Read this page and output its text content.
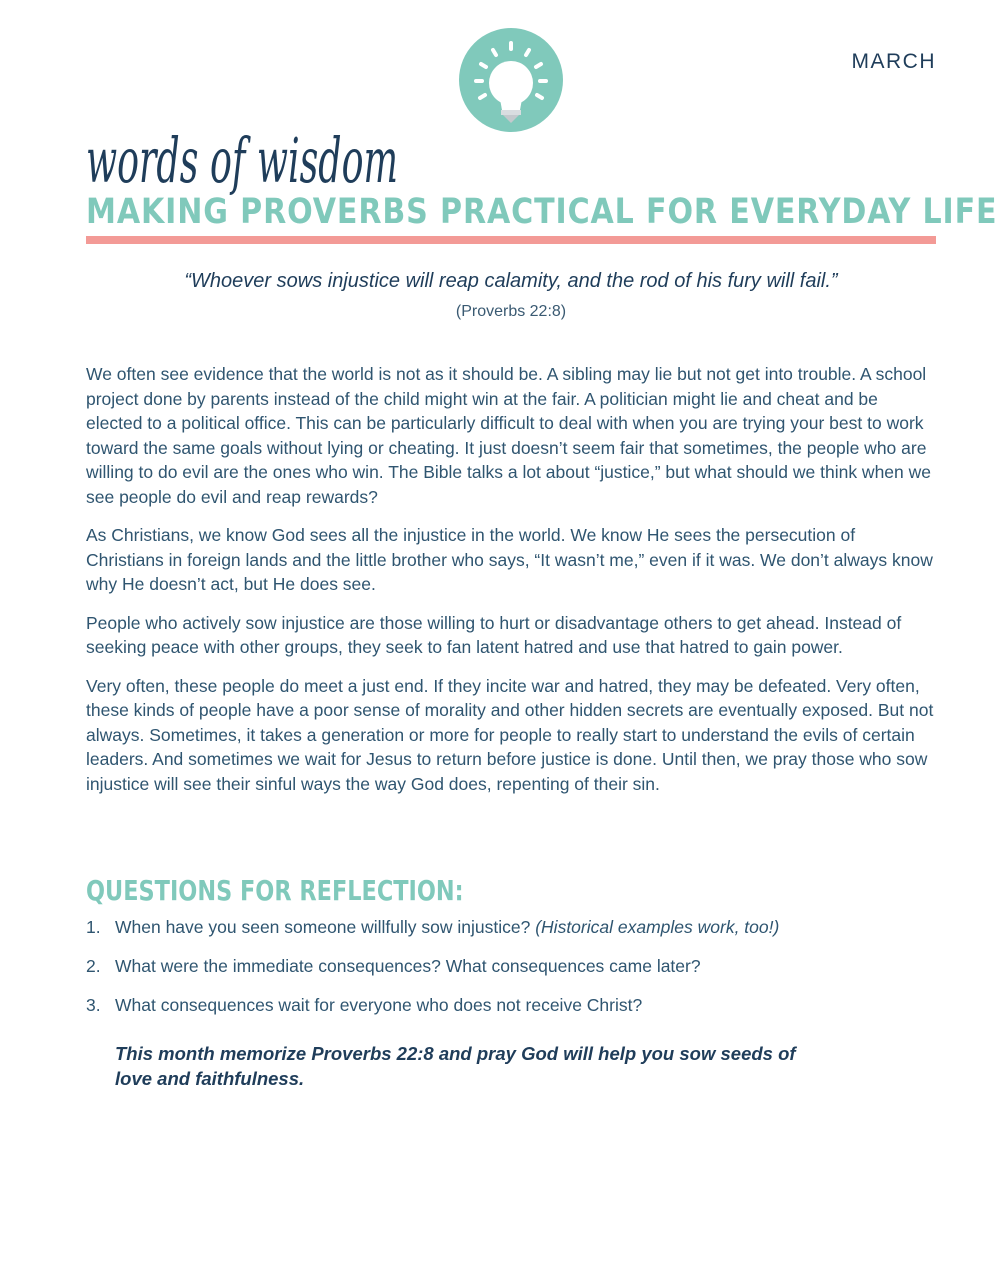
MARCH
words of wisdom
MAKING PROVERBS PRACTICAL FOR EVERYDAY LIFE
“Whoever sows injustice will reap calamity, and the rod of his fury will fail.”
(Proverbs 22:8)

We often see evidence that the world is not as it should be. A sibling may lie but not get into trouble. A school project done by parents instead of the child might win at the fair. A politician might lie and cheat and be elected to a political office. This can be particularly difficult to deal with when you are trying your best to work toward the same goals without lying or cheating. It just doesn’t seem fair that sometimes, the people who are willing to do evil are the ones who win. The Bible talks a lot about “justice,” but what should we think when we see people do evil and reap rewards?

As Christians, we know God sees all the injustice in the world. We know He sees the persecution of Christians in foreign lands and the little brother who says, “It wasn’t me,” even if it was. We don’t always know why He doesn’t act, but He does see.

People who actively sow injustice are those willing to hurt or disadvantage others to get ahead. Instead of seeking peace with other groups, they seek to fan latent hatred and use that hatred to gain power.

Very often, these people do meet a just end. If they incite war and hatred, they may be defeated. Very often, these kinds of people have a poor sense of morality and other hidden secrets are eventually exposed. But not always. Sometimes, it takes a generation or more for people to really start to understand the evils of certain leaders. And sometimes we wait for Jesus to return before justice is done. Until then, we pray those who sow injustice will see their sinful ways the way God does, repenting of their sin.

QUESTIONS FOR REFLECTION:
1. When have you seen someone willfully sow injustice? (Historical examples work, too!)
2. What were the immediate consequences? What consequences came later?
3. What consequences wait for everyone who does not receive Christ?
This month memorize Proverbs 22:8 and pray God will help you sow seeds of love and faithfulness.
